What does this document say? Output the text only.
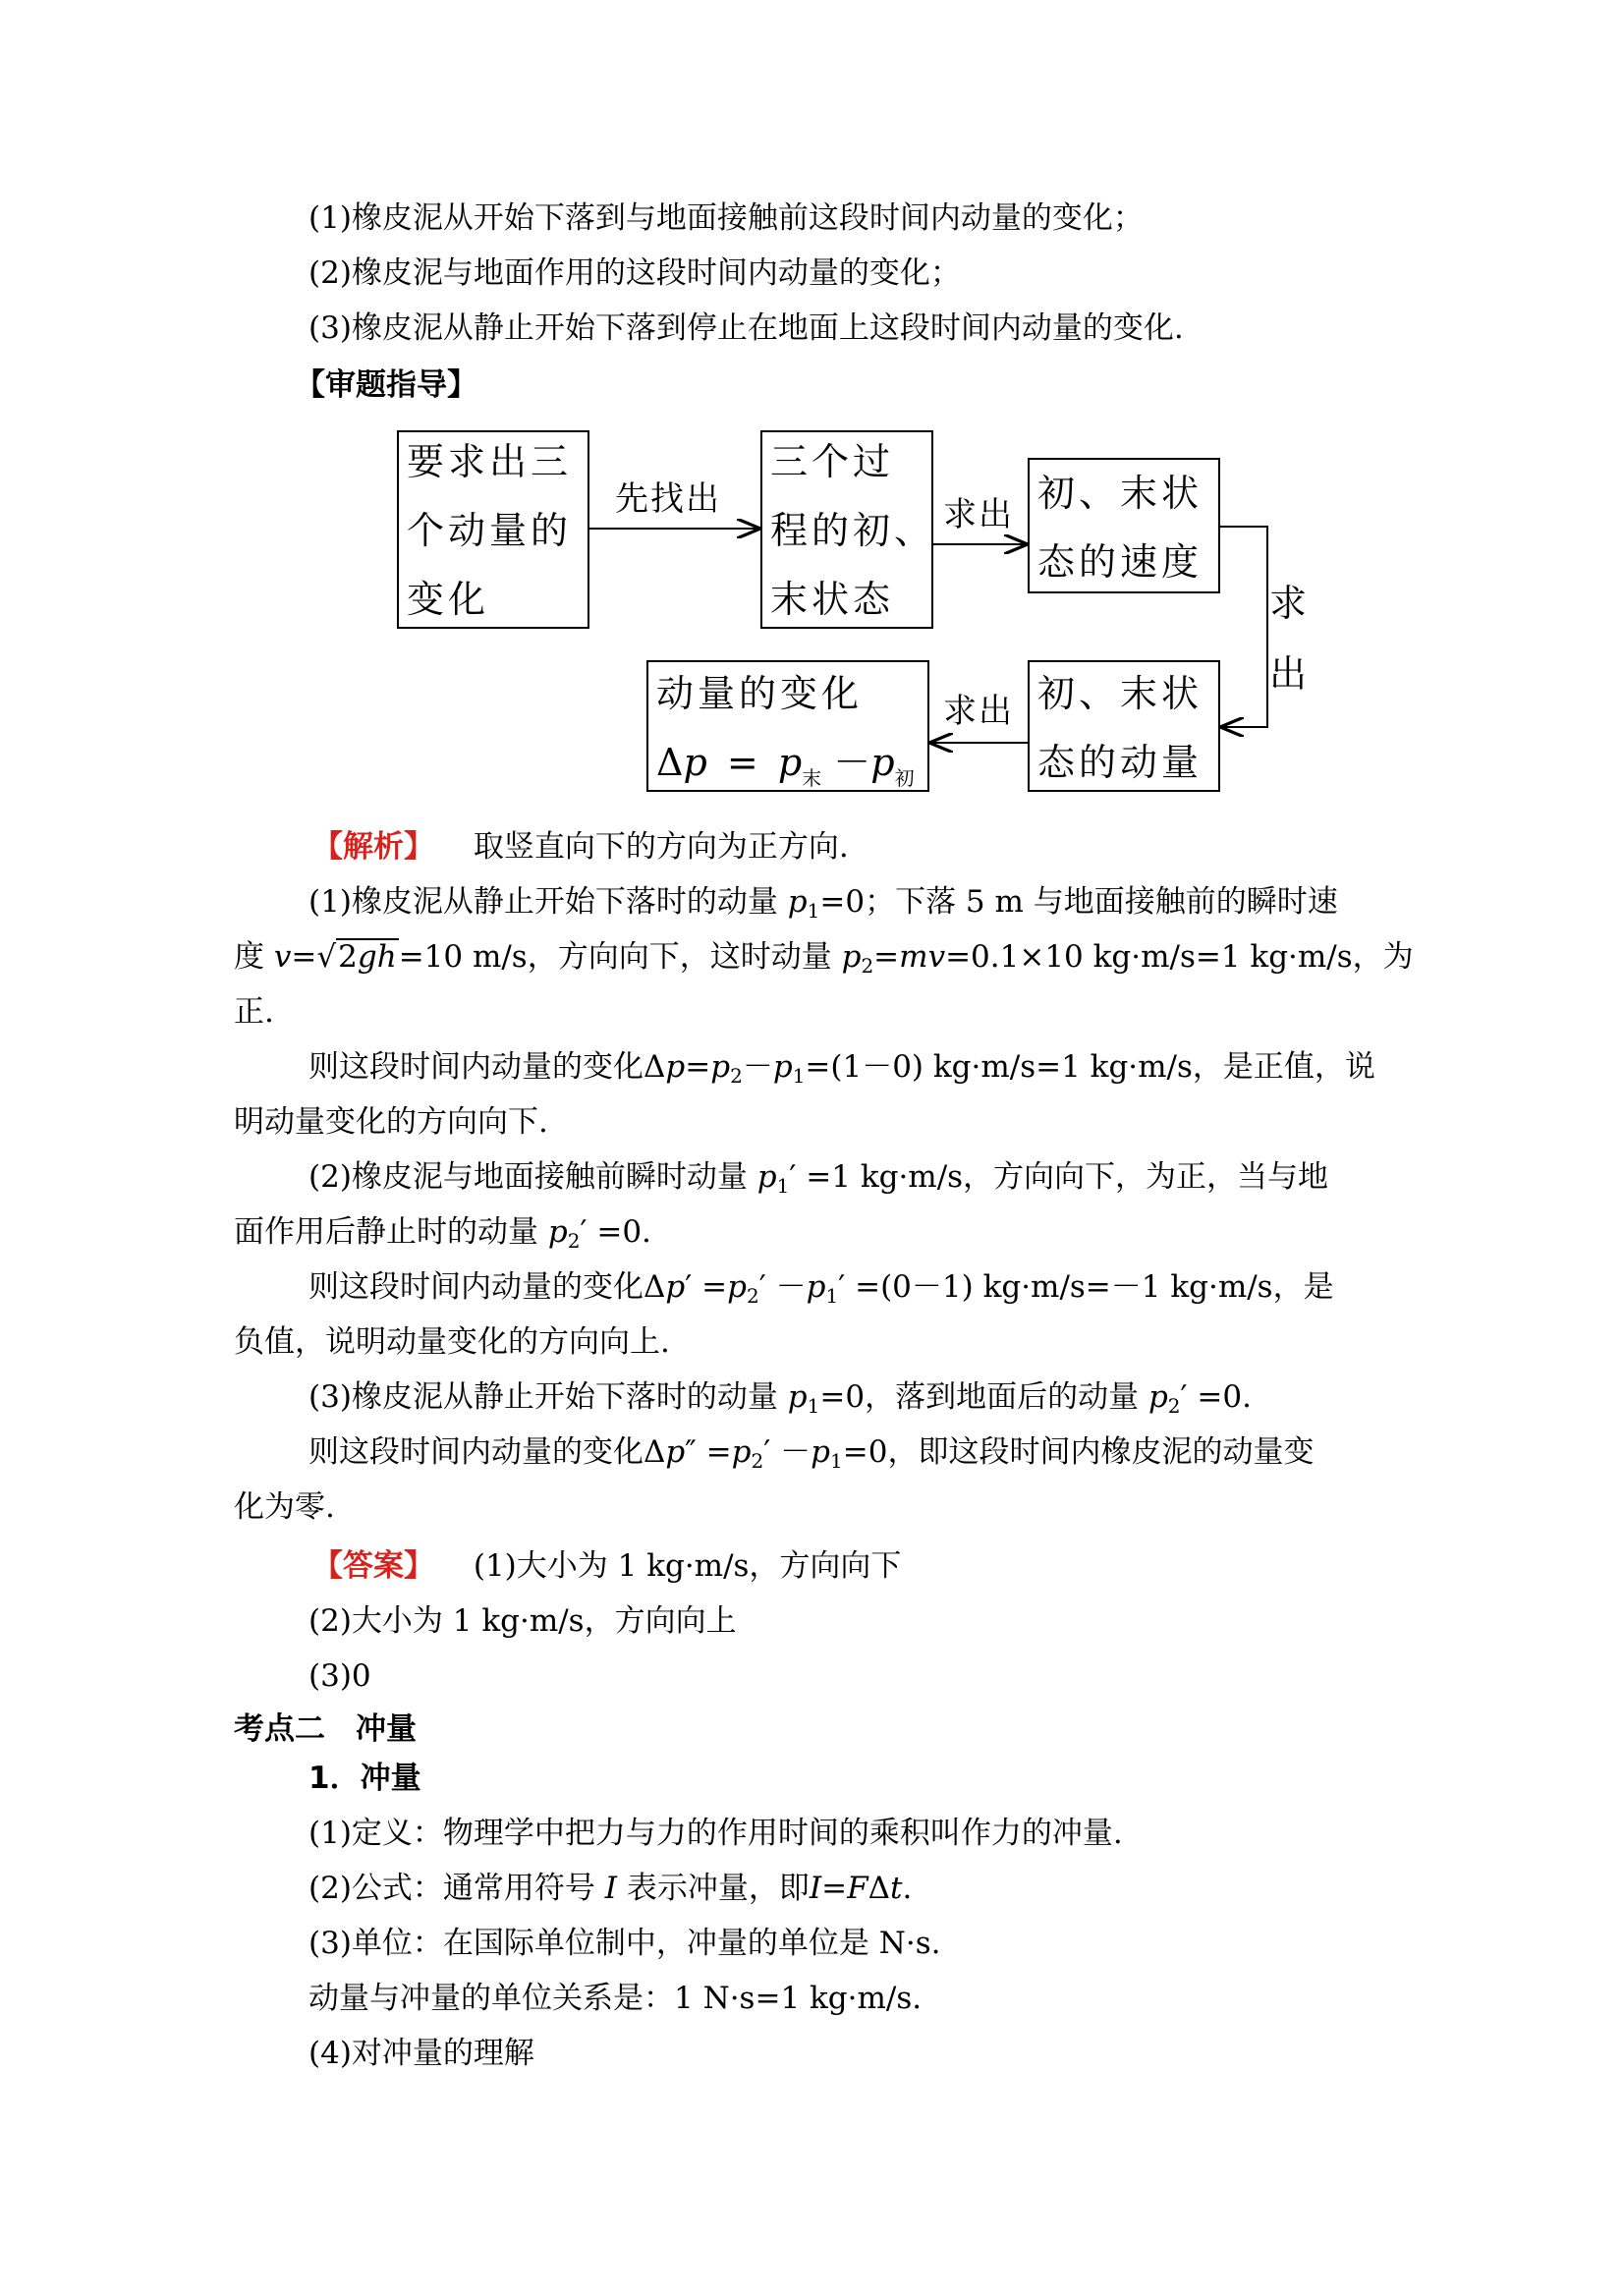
(1)橡皮泥从开始下落到与地面接触前这段时间内动量的变化；
(2)橡皮泥与地面作用的这段时间内动量的变化；
(3)橡皮泥从静止开始下落到停止在地面上这段时间内动量的变化.
【审题指导】
要求出三
个动量的
变化
先找出
三个过
程的初、
末状态
求出 初、末状
态的速度
求
出
初、末状
态的动量
求出
动量的变化
$\Delta p = p_末 -p_初$
【解析】 取竖直向下的方向为正方向.
(1)橡皮泥从静止开始下落时的动量 $p_1=0$；下落 5 m 与地面接触前的瞬时速
度 v=√2gh=10 m/s，方向向下，这时动量 $p_2=mv=0.1\times 10$ kg·m/s=1 kg·m/s，为
正.
则这段时间内动量的变化$\Delta p=p_2-p_1=(1-0)$ kg·m/s=1 kg·m/s，是正值，说
明动量变化的方向向下.
(2)橡皮泥与地面接触前瞬时动量 $p_1' =1$ kg·m/s，方向向下，为正，当与地
面作用后静止时的动量 $p_2' =0$.
则这段时间内动量的变化$\Delta p' =p_2' -p_1' =(0-1)$ kg·m/s=－1 kg·m/s，是
负值，说明动量变化的方向向上.
(3)橡皮泥从静止开始下落时的动量 $p_1=0$，落到地面后的动量 $p_2' =0$.
则这段时间内动量的变化$\Delta p'' =p_2' -p_1=0$，即这段时间内橡皮泥的动量变
化为零.
【答案】 (1)大小为 1 kg·m/s，方向向下
(2)大小为 1 kg·m/s，方向向上
(3)0
考点二　冲量
1．冲量
(1)定义：物理学中把力与力的作用时间的乘积叫作力的冲量.
(2)公式：通常用符号 I 表示冲量，即I=FΔt.
(3)单位：在国际单位制中，冲量的单位是 N·s.
动量与冲量的单位关系是：1 N·s=1 kg·m/s.
(4)对冲量的理解
